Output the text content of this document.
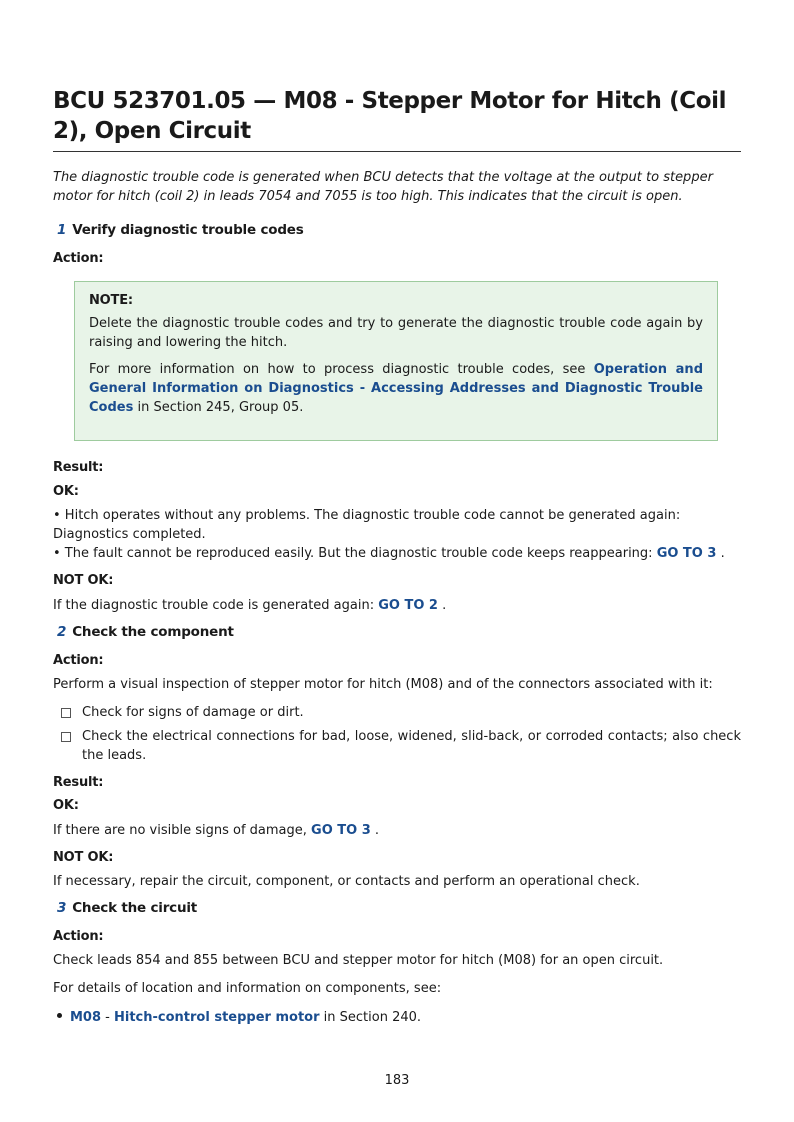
BCU 523701.05 — M08 - Stepper Motor for Hitch (Coil 2), Open Circuit
The diagnostic trouble code is generated when BCU detects that the voltage at the output to stepper motor for hitch (coil 2) in leads 7054 and 7055 is too high. This indicates that the circuit is open.
1 Verify diagnostic trouble codes
Action:
NOTE:

Delete the diagnostic trouble codes and try to generate the diagnostic trouble code again by raising and lowering the hitch.

For more information on how to process diagnostic trouble codes, see Operation and General Information on Diagnostics - Accessing Addresses and Diagnostic Trouble Codes in Section 245, Group 05.

Result:
OK:
• Hitch operates without any problems. The diagnostic trouble code cannot be generated again: Diagnostics completed.
• The fault cannot be reproduced easily. But the diagnostic trouble code keeps reappearing: GO TO 3 .
NOT OK:
If the diagnostic trouble code is generated again: GO TO 2 .
2 Check the component
Action:
Perform a visual inspection of stepper motor for hitch (M08) and of the connectors associated with it:
Check for signs of damage or dirt.
Check the electrical connections for bad, loose, widened, slid-back, or corroded contacts; also check the leads.
Result:
OK:
If there are no visible signs of damage, GO TO 3 .
NOT OK:
If necessary, repair the circuit, component, or contacts and perform an operational check.
3 Check the circuit
Action:
Check leads 854 and 855 between BCU and stepper motor for hitch (M08) for an open circuit.
For details of location and information on components, see:
M08 - Hitch-control stepper motor in Section 240.
183
